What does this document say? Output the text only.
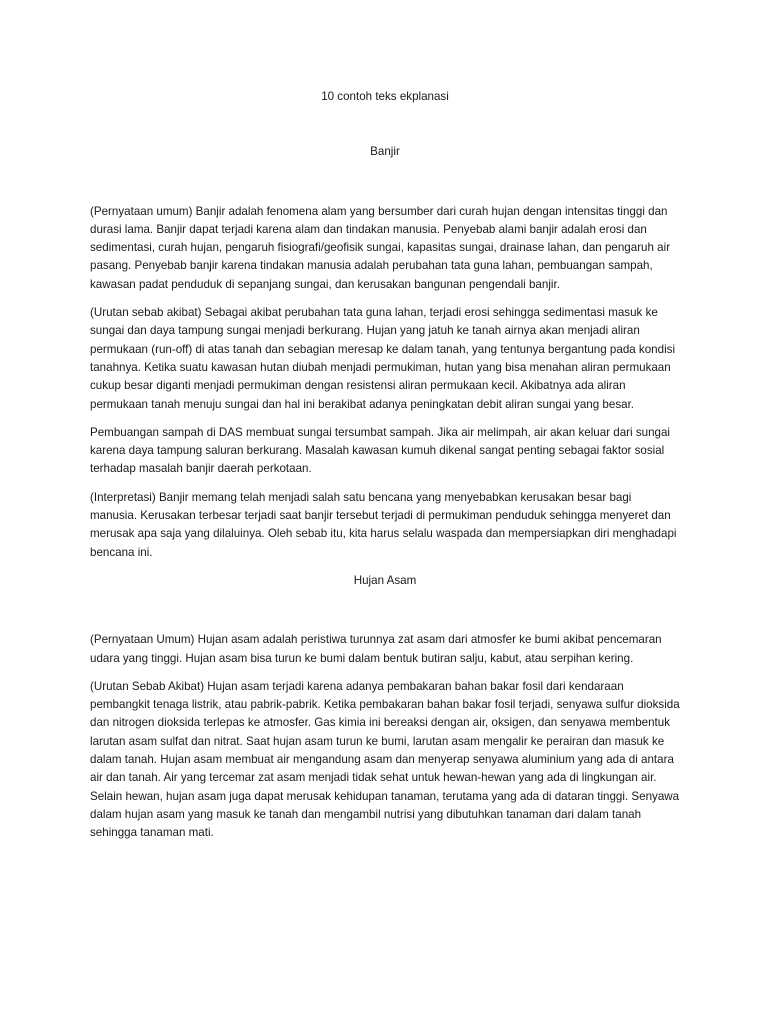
10 contoh teks ekplanasi
Banjir

(Pernyataan umum) Banjir adalah fenomena alam yang bersumber dari curah hujan dengan intensitas tinggi dan durasi lama. Banjir dapat terjadi karena alam dan tindakan manusia. Penyebab alami banjir adalah erosi dan sedimentasi, curah hujan, pengaruh fisiografi/geofisik sungai, kapasitas sungai, drainase lahan, dan pengaruh air pasang. Penyebab banjir karena tindakan manusia adalah perubahan tata guna lahan, pembuangan sampah, kawasan padat penduduk di sepanjang sungai, dan kerusakan bangunan pengendali banjir.

(Urutan sebab akibat) Sebagai akibat perubahan tata guna lahan, terjadi erosi sehingga sedimentasi masuk ke sungai dan daya tampung sungai menjadi berkurang. Hujan yang jatuh ke tanah airnya akan menjadi aliran permukaan (run-off) di atas tanah dan sebagian meresap ke dalam tanah, yang tentunya bergantung pada kondisi tanahnya. Ketika suatu kawasan hutan diubah menjadi permukiman, hutan yang bisa menahan aliran permukaan cukup besar diganti menjadi permukiman dengan resistensi aliran permukaan kecil. Akibatnya ada aliran permukaan tanah menuju sungai dan hal ini berakibat adanya peningkatan debit aliran sungai yang besar.

Pembuangan sampah di DAS membuat sungai tersumbat sampah. Jika air melimpah, air akan keluar dari sungai karena daya tampung saluran berkurang. Masalah kawasan kumuh dikenal sangat penting sebagai faktor sosial terhadap masalah banjir daerah perkotaan.

(Interpretasi) Banjir memang telah menjadi salah satu bencana yang menyebabkan kerusakan besar bagi manusia. Kerusakan terbesar terjadi saat banjir tersebut terjadi di permukiman penduduk sehingga menyeret dan merusak apa saja yang dilaluinya. Oleh sebab itu, kita harus selalu waspada dan mempersiapkan diri menghadapi bencana ini.

Hujan Asam

(Pernyataan Umum) Hujan asam adalah peristiwa turunnya zat asam dari atmosfer ke bumi akibat pencemaran udara yang tinggi. Hujan asam bisa turun ke bumi dalam bentuk butiran salju, kabut, atau serpihan kering.

(Urutan Sebab Akibat) Hujan asam terjadi karena adanya pembakaran bahan bakar fosil dari kendaraan pembangkit tenaga listrik, atau pabrik-pabrik. Ketika pembakaran bahan bakar fosil terjadi, senyawa sulfur dioksida dan nitrogen dioksida terlepas ke atmosfer. Gas kimia ini bereaksi dengan air, oksigen, dan senyawa membentuk larutan asam sulfat dan nitrat. Saat hujan asam turun ke bumi, larutan asam mengalir ke perairan dan masuk ke dalam tanah. Hujan asam membuat air mengandung asam dan menyerap senyawa aluminium yang ada di antara air dan tanah. Air yang tercemar zat asam menjadi tidak sehat untuk hewan-hewan yang ada di lingkungan air. Selain hewan, hujan asam juga dapat merusak kehidupan tanaman, terutama yang ada di dataran tinggi. Senyawa dalam hujan asam yang masuk ke tanah dan mengambil nutrisi yang dibutuhkan tanaman dari dalam tanah sehingga tanaman mati.
